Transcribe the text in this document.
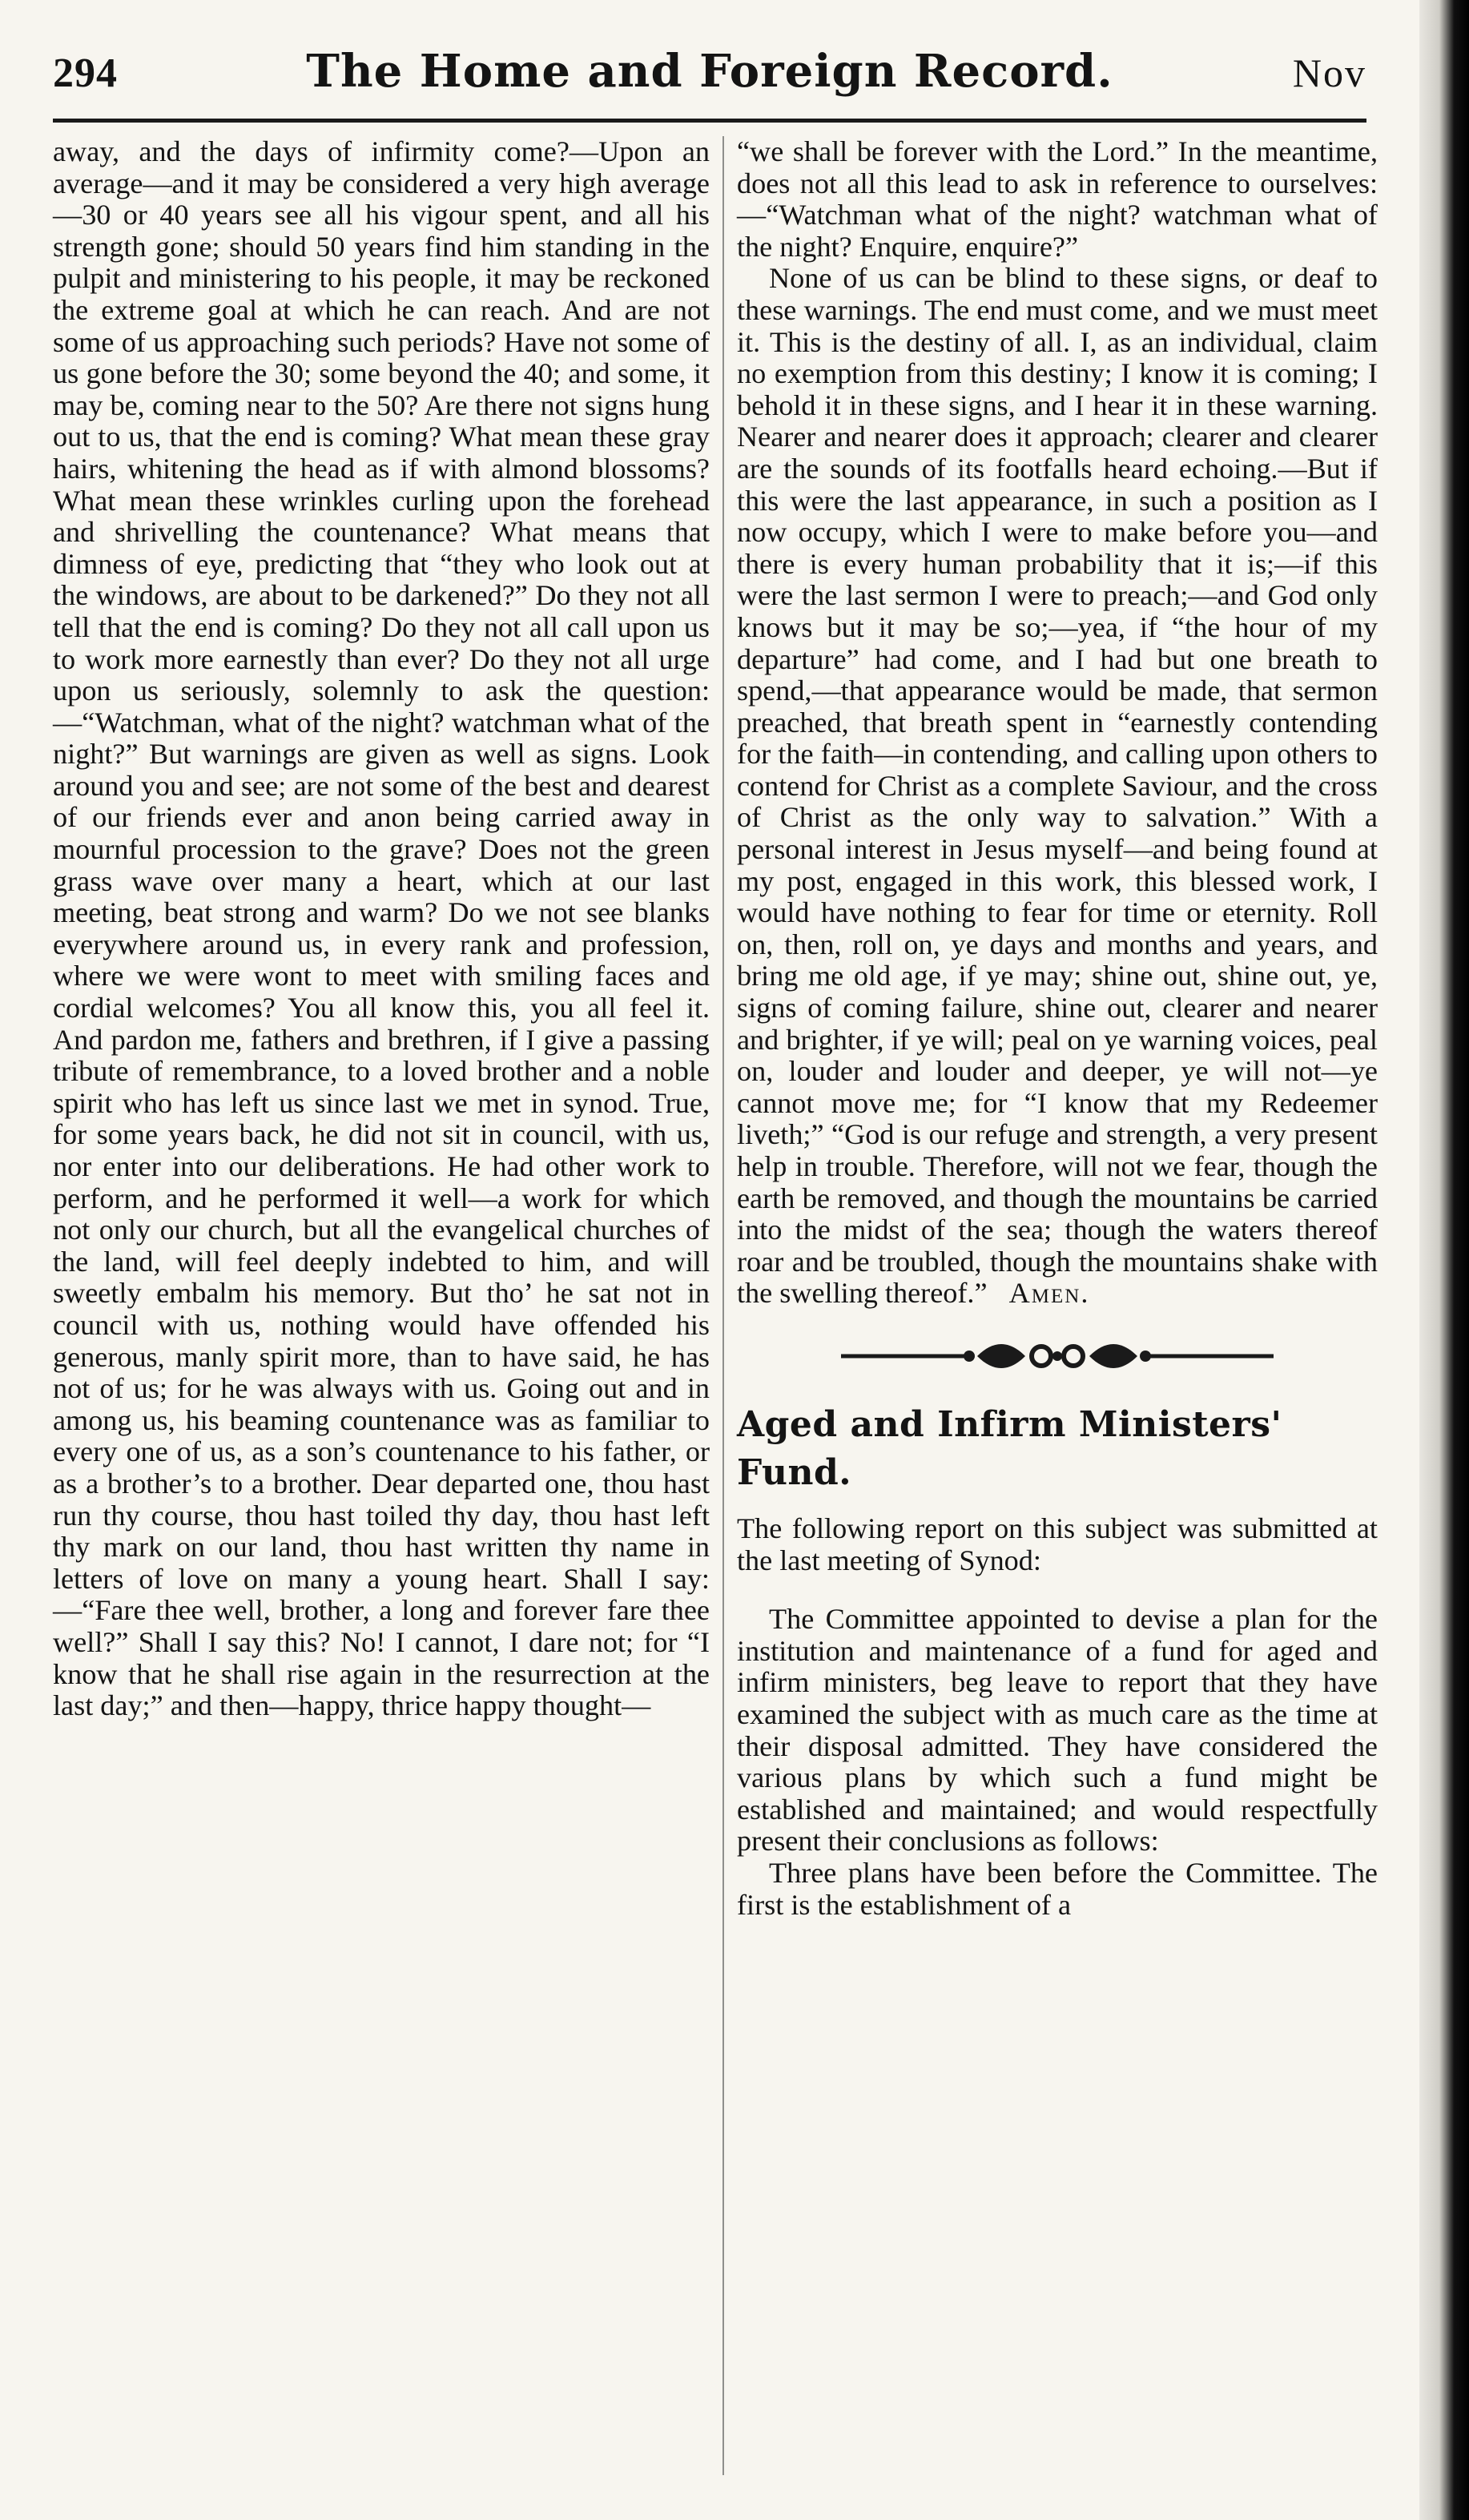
294	The Home and Foreign Record.	Nov

away, and the days of infirmity come?—Upon an average—and it may be considered a very high average—30 or 40 years see all his vigour spent, and all his strength gone; should 50 years find him standing in the pulpit and ministering to his people, it may be reckoned the extreme goal at which he can reach. And are not some of us approaching such periods? Have not some of us gone before the 30; some beyond the 40; and some, it may be, coming near to the 50? Are there not signs hung out to us, that the end is coming? What mean these gray hairs, whitening the head as if with almond blossoms? What mean these wrinkles curling upon the forehead and shrivelling the countenance? What means that dimness of eye, predicting that “they who look out at the windows, are about to be darkened?” Do they not all tell that the end is coming? Do they not all call upon us to work more earnestly than ever? Do they not all urge upon us seriously, solemnly to ask the question:—“Watchman, what of the night? watchman what of the night?” But warnings are given as well as signs. Look around you and see; are not some of the best and dearest of our friends ever and anon being carried away in mournful procession to the grave? Does not the green grass wave over many a heart, which at our last meeting, beat strong and warm? Do we not see blanks everywhere around us, in every rank and profession, where we were wont to meet with smiling faces and cordial welcomes? You all know this, you all feel it. And pardon me, fathers and brethren, if I give a passing tribute of remembrance, to a loved brother and a noble spirit who has left us since last we met in synod. True, for some years back, he did not sit in council, with us, nor enter into our deliberations. He had other work to perform, and he performed it well—a work for which not only our church, but all the evangelical churches of the land, will feel deeply indebted to him, and will sweetly embalm his memory. But tho’ he sat not in council with us, nothing would have offended his generous, manly spirit more, than to have said, he has not of us; for he was always with us. Going out and in among us, his beaming countenance was as familiar to every one of us, as a son’s countenance to his father, or as a brother’s to a brother. Dear departed one, thou hast run thy course, thou hast toiled thy day, thou hast left thy mark on our land, thou hast written thy name in letters of love on many a young heart. Shall I say:—“Fare thee well, brother, a long and forever fare thee well?” Shall I say this? No! I cannot, I dare not; for “I know that he shall rise again in the resurrection at the last day;” and then—happy, thrice happy thought—

“we shall be forever with the Lord.” In the meantime, does not all this lead to ask in reference to ourselves:—“Watchman what of the night? watchman what of the night? Enquire, enquire?”

None of us can be blind to these signs, or deaf to these warnings. The end must come, and we must meet it. This is the destiny of all. I, as an individual, claim no exemption from this destiny; I know it is coming; I behold it in these signs, and I hear it in these warning. Nearer and nearer does it approach; clearer and clearer are the sounds of its footfalls heard echoing.—But if this were the last appearance, in such a position as I now occupy, which I were to make before you—and there is every human probability that it is;—if this were the last sermon I were to preach;—and God only knows but it may be so;—yea, if “the hour of my departure” had come, and I had but one breath to spend,—that appearance would be made, that sermon preached, that breath spent in “earnestly contending for the faith—in contending, and calling upon others to contend for Christ as a complete Saviour, and the cross of Christ as the only way to salvation.” With a personal interest in Jesus myself—and being found at my post, engaged in this work, this blessed work, I would have nothing to fear for time or eternity. Roll on, then, roll on, ye days and months and years, and bring me old age, if ye may; shine out, shine out, ye, signs of coming failure, shine out, clearer and nearer and brighter, if ye will; peal on ye warning voices, peal on, louder and louder and deeper, ye will not—ye cannot move me; for “I know that my Redeemer liveth;” “God is our refuge and strength, a very present help in trouble. Therefore, will not we fear, though the earth be removed, and though the mountains be carried into the midst of the sea; though the waters thereof roar and be troubled, though the mountains shake with the swelling thereof.” Amen.

Aged and Infirm Ministers' Fund.

The following report on this subject was submitted at the last meeting of Synod:

The Committee appointed to devise a plan for the institution and maintenance of a fund for aged and infirm ministers, beg leave to report that they have examined the subject with as much care as the time at their disposal admitted. They have considered the various plans by which such a fund might be established and maintained; and would respectfully present their conclusions as follows:

Three plans have been before the Committee. The first is the establishment of a
